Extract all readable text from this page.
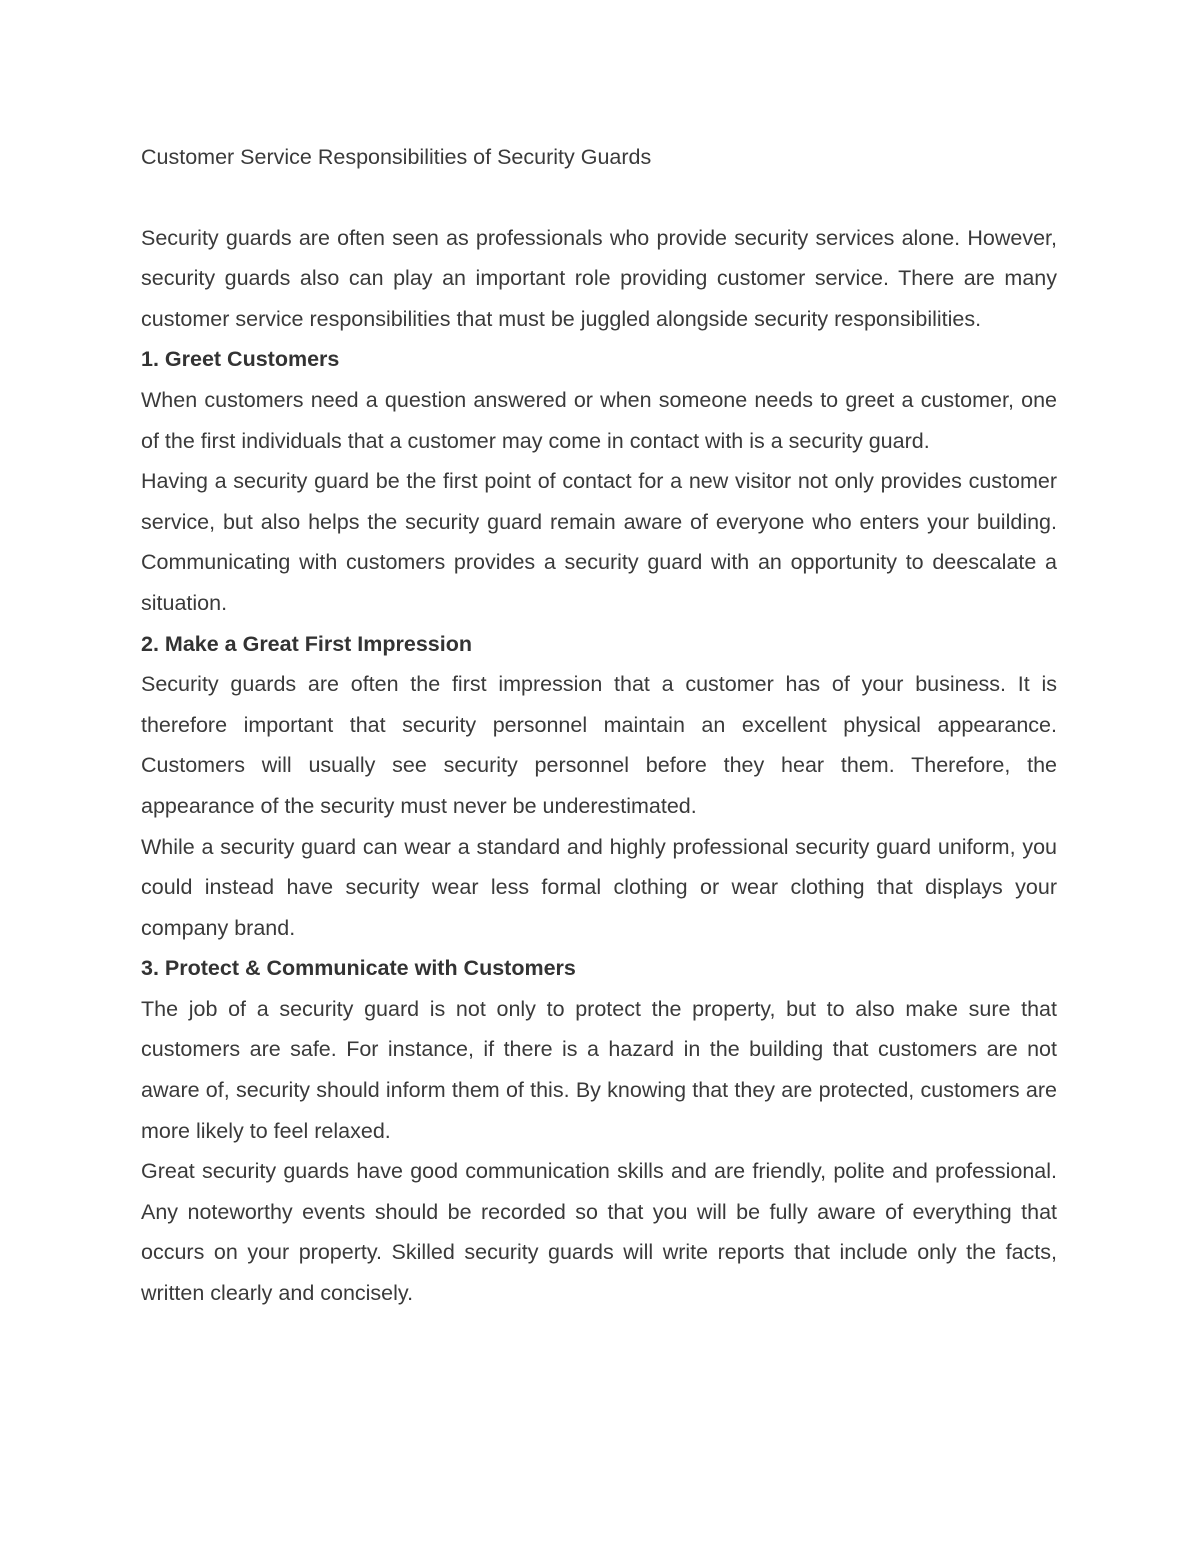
Customer Service Responsibilities of Security Guards

Security guards are often seen as professionals who provide security services alone. However, security guards also can play an important role providing customer service. There are many customer service responsibilities that must be juggled alongside security responsibilities.

1. Greet Customers

When customers need a question answered or when someone needs to greet a customer, one of the first individuals that a customer may come in contact with is a security guard.

Having a security guard be the first point of contact for a new visitor not only provides customer service, but also helps the security guard remain aware of everyone who enters your building. Communicating with customers provides a security guard with an opportunity to deescalate a situation.

2. Make a Great First Impression

Security guards are often the first impression that a customer has of your business. It is therefore important that security personnel maintain an excellent physical appearance. Customers will usually see security personnel before they hear them. Therefore, the appearance of the security must never be underestimated.

While a security guard can wear a standard and highly professional security guard uniform, you could instead have security wear less formal clothing or wear clothing that displays your company brand.

3. Protect & Communicate with Customers

The job of a security guard is not only to protect the property, but to also make sure that customers are safe. For instance, if there is a hazard in the building that customers are not aware of, security should inform them of this. By knowing that they are protected, customers are more likely to feel relaxed.

Great security guards have good communication skills and are friendly, polite and professional. Any noteworthy events should be recorded so that you will be fully aware of everything that occurs on your property. Skilled security guards will write reports that include only the facts, written clearly and concisely.
